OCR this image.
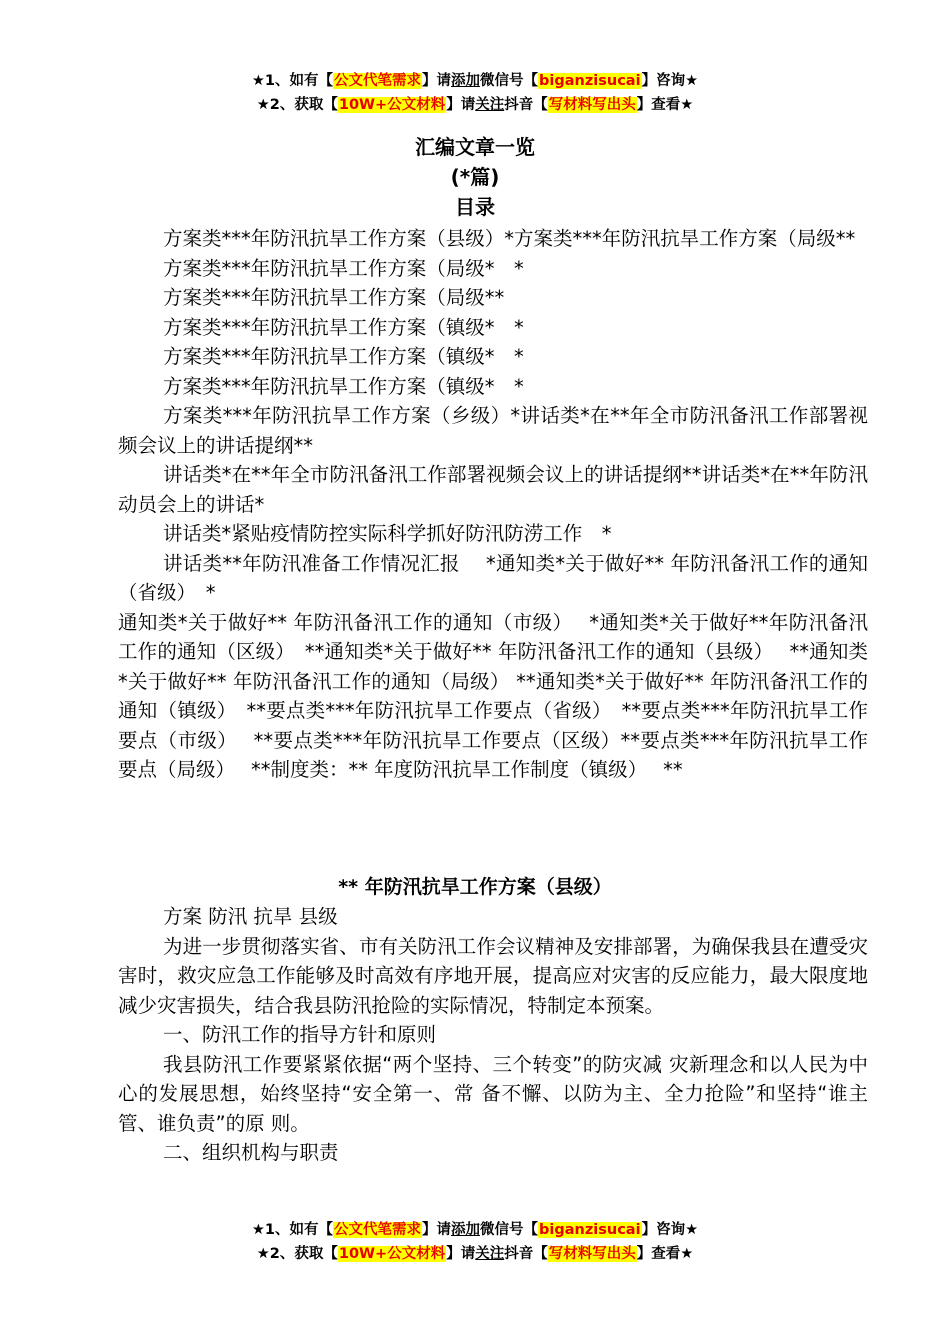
★1、如有【公文代笔需求】请添加微信号【biganzisucai】咨询★
★2、获取【10W+公文材料】请关注抖音【写材料写出头】查看★
汇编文章一览
(*篇)
目录

方案类***年防汛抗旱工作方案（县级）*方案类***年防汛抗旱工作方案（局级**

方案类***年防汛抗旱工作方案（局级*　*

方案类***年防汛抗旱工作方案（局级**

方案类***年防汛抗旱工作方案（镇级*　*

方案类***年防汛抗旱工作方案（镇级*　*

方案类***年防汛抗旱工作方案（镇级*　*

方案类***年防汛抗旱工作方案（乡级）*讲话类*在**年全市防汛备汛工作部署视频会议上的讲话提纲**

讲话类*在**年全市防汛备汛工作部署视频会议上的讲话提纲**讲话类*在**年防汛动员会上的讲话*

讲话类*紧贴疫情防控实际科学抓好防汛防涝工作　*

讲话类**年防汛准备工作情况汇报　 *通知类*关于做好** 年防汛备汛工作的通知（省级）　*

通知类*关于做好** 年防汛备汛工作的通知（市级）　 *通知类*关于做好**年防汛备汛工作的通知（区级）　**通知类*关于做好** 年防汛备汛工作的通知（县级）　 **通知类*关于做好** 年防汛备汛工作的通知（局级） **通知类*关于做好** 年防汛备汛工作的通知（镇级）　**要点类***年防汛抗旱工作要点（省级）　**要点类***年防汛抗旱工作要点（市级）　 **要点类***年防汛抗旱工作要点（区级）**要点类***年防汛抗旱工作要点（局级）　 **制度类：** 年度防汛抗旱工作制度（镇级）　 **

** 年防汛抗旱工作方案（县级）

方案 防汛 抗旱 县级

为进一步贯彻落实省、市有关防汛工作会议精神及安排部署，为确保我县在遭受灾害时，救灾应急工作能够及时高效有序地开展，提高应对灾害的反应能力，最大限度地减少灾害损失，结合我县防汛抢险的实际情况，特制定本预案。

一、防汛工作的指导方针和原则

我县防汛工作要紧紧依据“两个坚持、三个转变”的防灾减 灾新理念和以人民为中心的发展思想，始终坚持“安全第一、常 备不懈、以防为主、全力抢险”和坚持“谁主管、谁负责”的原 则。

二、组织机构与职责

★1、如有【公文代笔需求】请添加微信号【biganzisucai】咨询★
★2、获取【10W+公文材料】请关注抖音【写材料写出头】查看★
